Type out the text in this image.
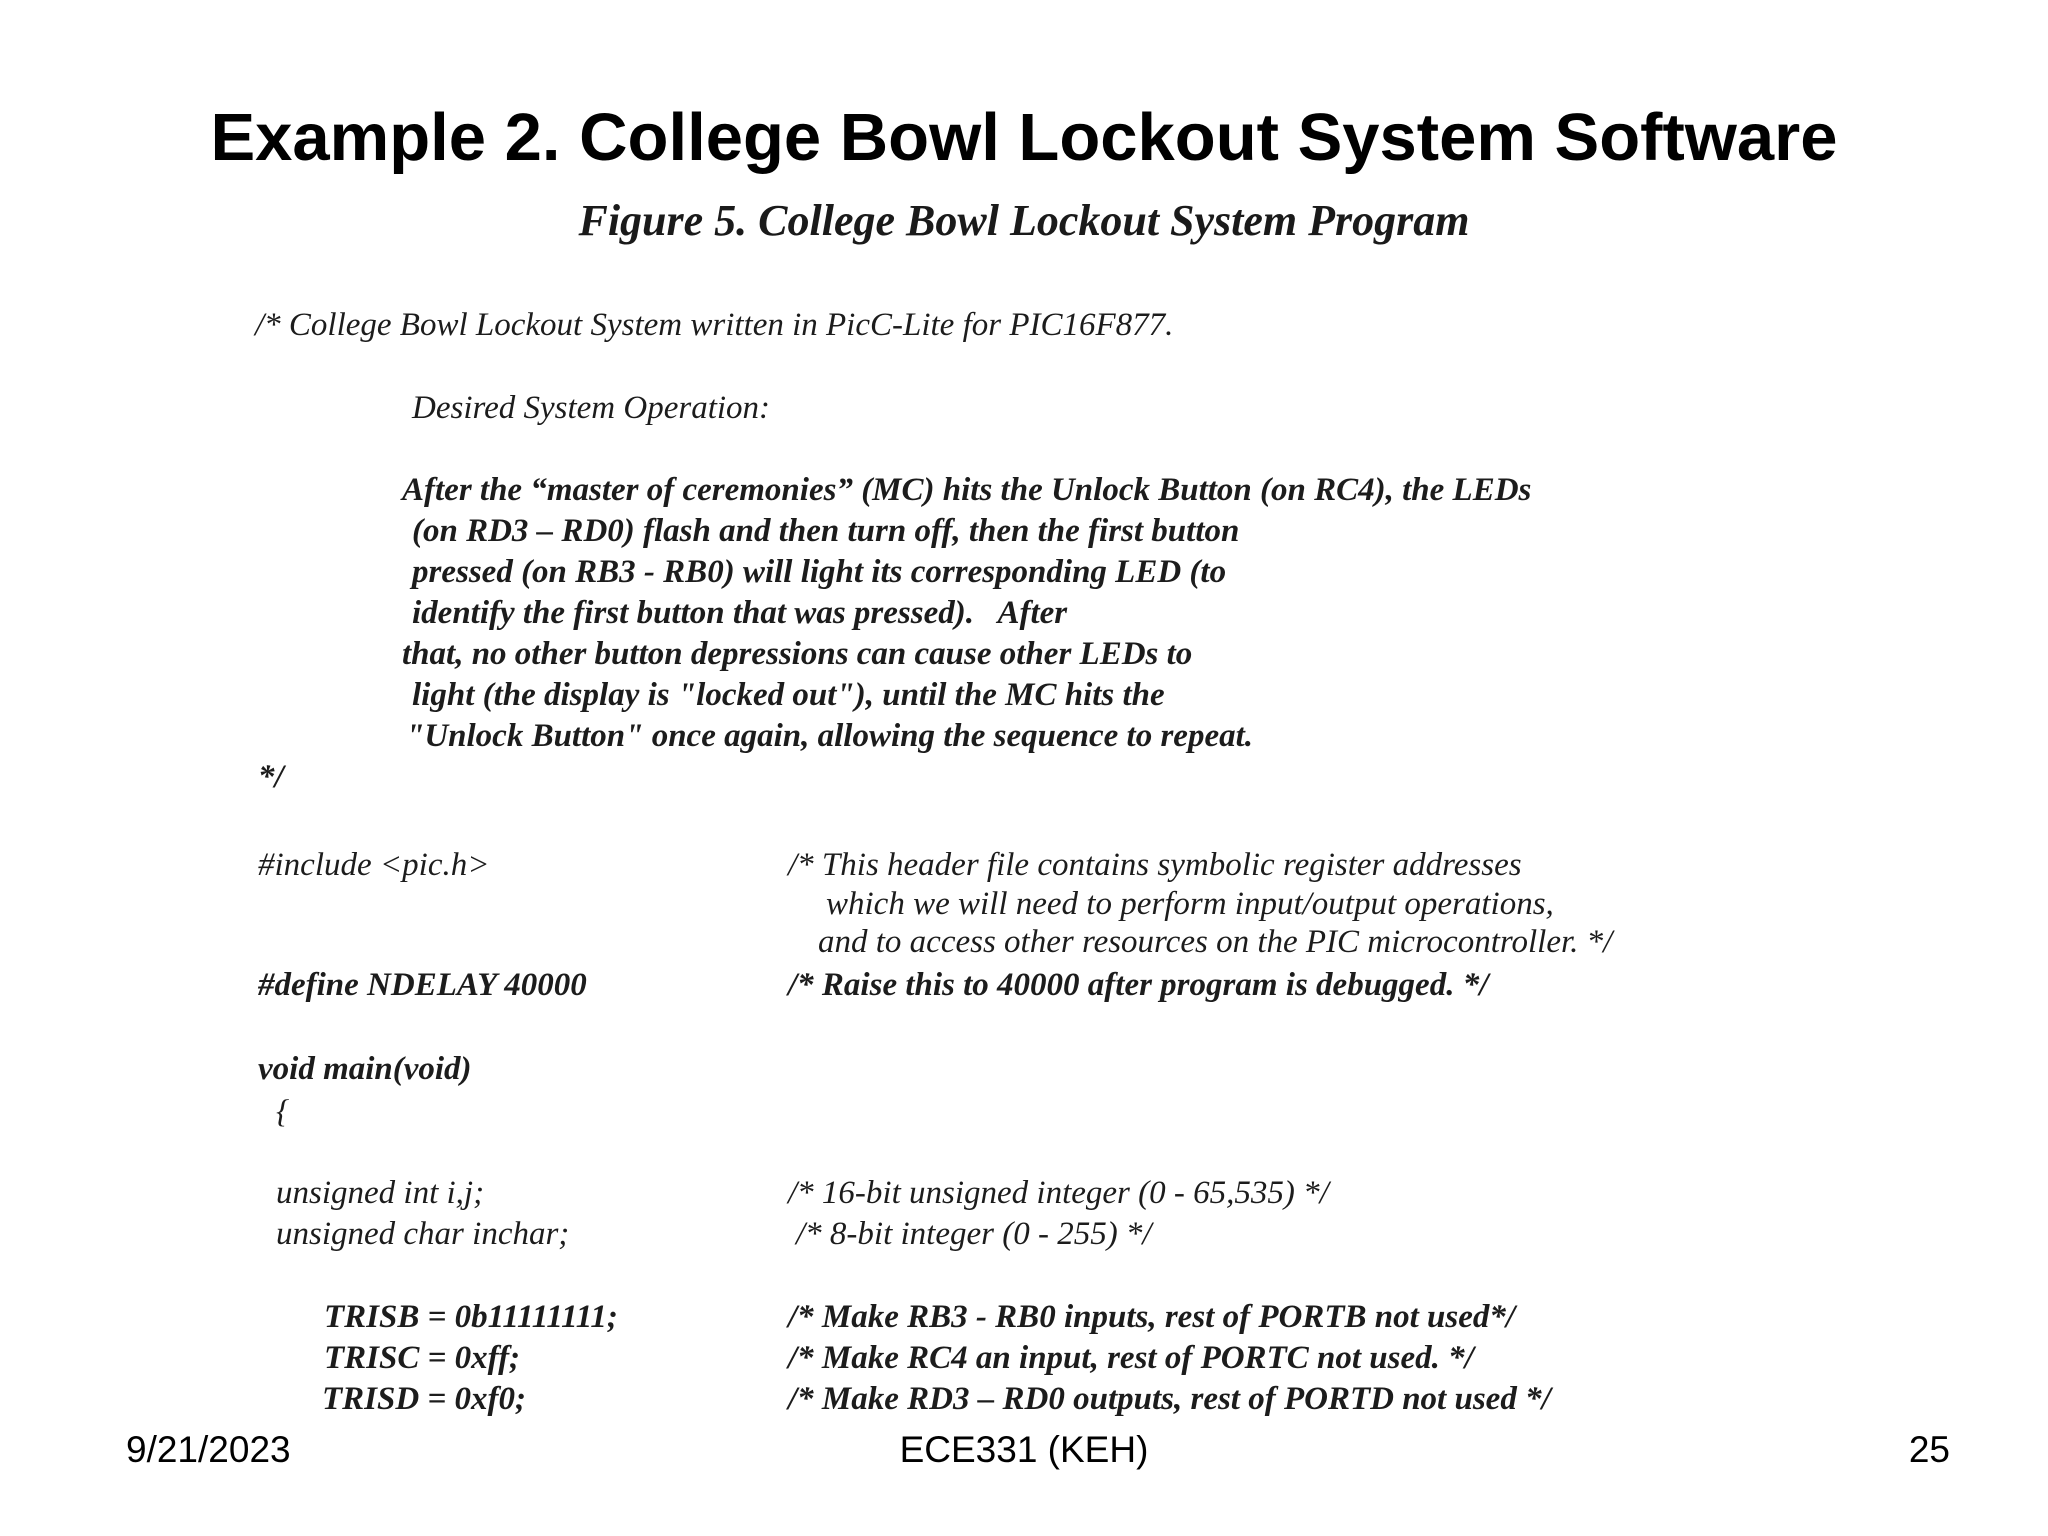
Example 2. College Bowl Lockout System Software
Figure 5. College Bowl Lockout System Program
/* College Bowl Lockout System written in PicC-Lite for PIC16F877.
Desired System Operation:
After the “master of ceremonies” (MC) hits the Unlock Button (on RC4), the LEDs
(on RD3 – RD0) flash and then turn off, then the first button
pressed (on RB3 - RB0) will light its corresponding LED (to
identify the first button that was pressed).   After
that, no other button depressions can cause other LEDs to
light (the display is "locked out"), until the MC hits the
"Unlock Button" once again, allowing the sequence to repeat.
*/
#include <pic.h>	/* This header file contains symbolic register addresses
which we will need to perform input/output operations,
and to access other resources on the PIC microcontroller. */
#define NDELAY 40000	/* Raise this to 40000 after program is debugged. */
void main(void)
{
unsigned int i,j;	/* 16-bit unsigned integer (0 - 65,535) */
unsigned char inchar;	/* 8-bit integer (0 - 255) */
TRISB = 0b11111111;	/* Make RB3 - RB0 inputs, rest of PORTB not used*/
TRISC = 0xff;	/* Make RC4 an input, rest of PORTC not used. */
TRISD = 0xf0;	/* Make RD3 – RD0 outputs, rest of PORTD not used */
9/21/2023	ECE331 (KEH)	25
